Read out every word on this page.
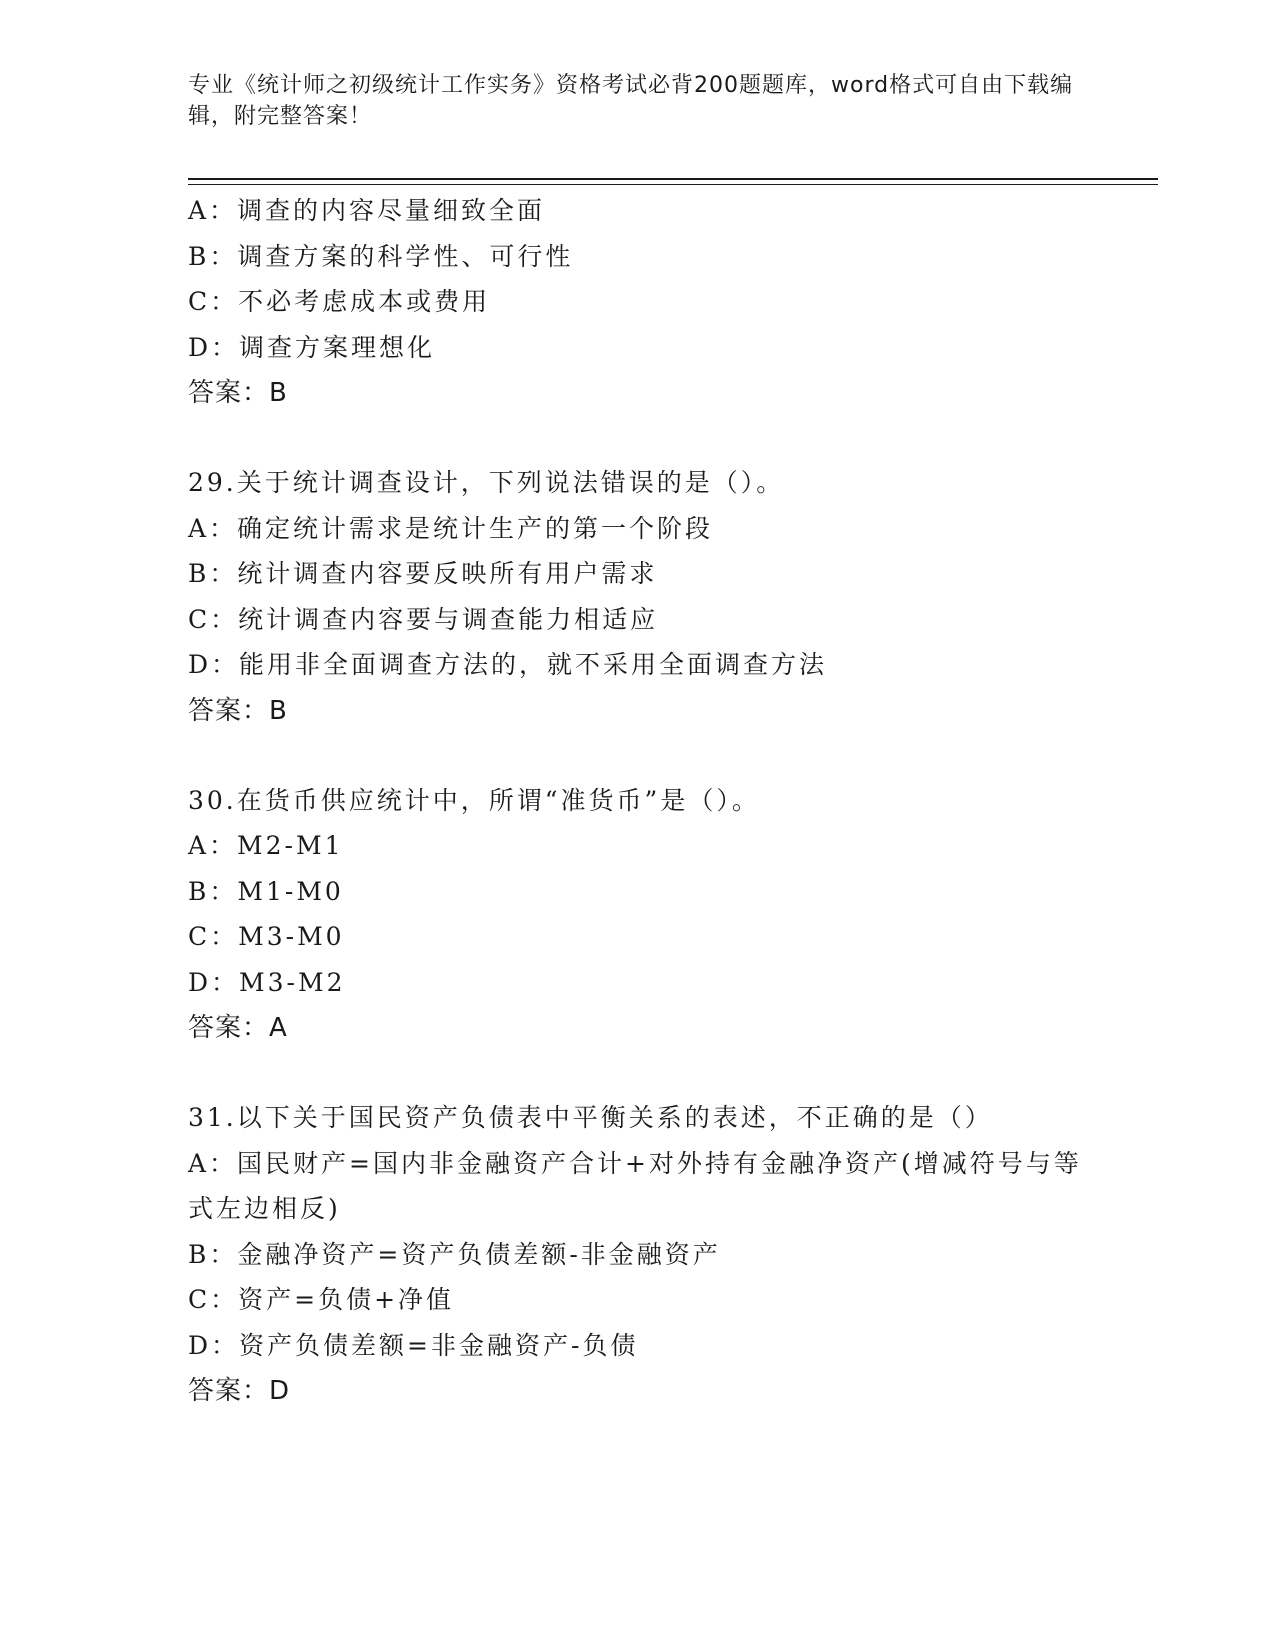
专业《统计师之初级统计工作实务》资格考试必背200题题库，word格式可自由下载编辑，附完整答案！
A：调查的内容尽量细致全面
B：调查方案的科学性、可行性
C：不必考虑成本或费用
D：调查方案理想化
答案：B
29.关于统计调查设计，下列说法错误的是（）。
A：确定统计需求是统计生产的第一个阶段
B：统计调查内容要反映所有用户需求
C：统计调查内容要与调查能力相适应
D：能用非全面调查方法的，就不采用全面调查方法
答案：B
30.在货币供应统计中，所谓“准货币”是（）。
A：M2-M1
B：M1-M0
C：M3-M0
D：M3-M2
答案：A
31.以下关于国民资产负债表中平衡关系的表述，不正确的是（）
A：国民财产=国内非金融资产合计+对外持有金融净资产(增减符号与等式左边相反)
B：金融净资产=资产负债差额-非金融资产
C：资产=负债+净值
D：资产负债差额=非金融资产-负债
答案：D
